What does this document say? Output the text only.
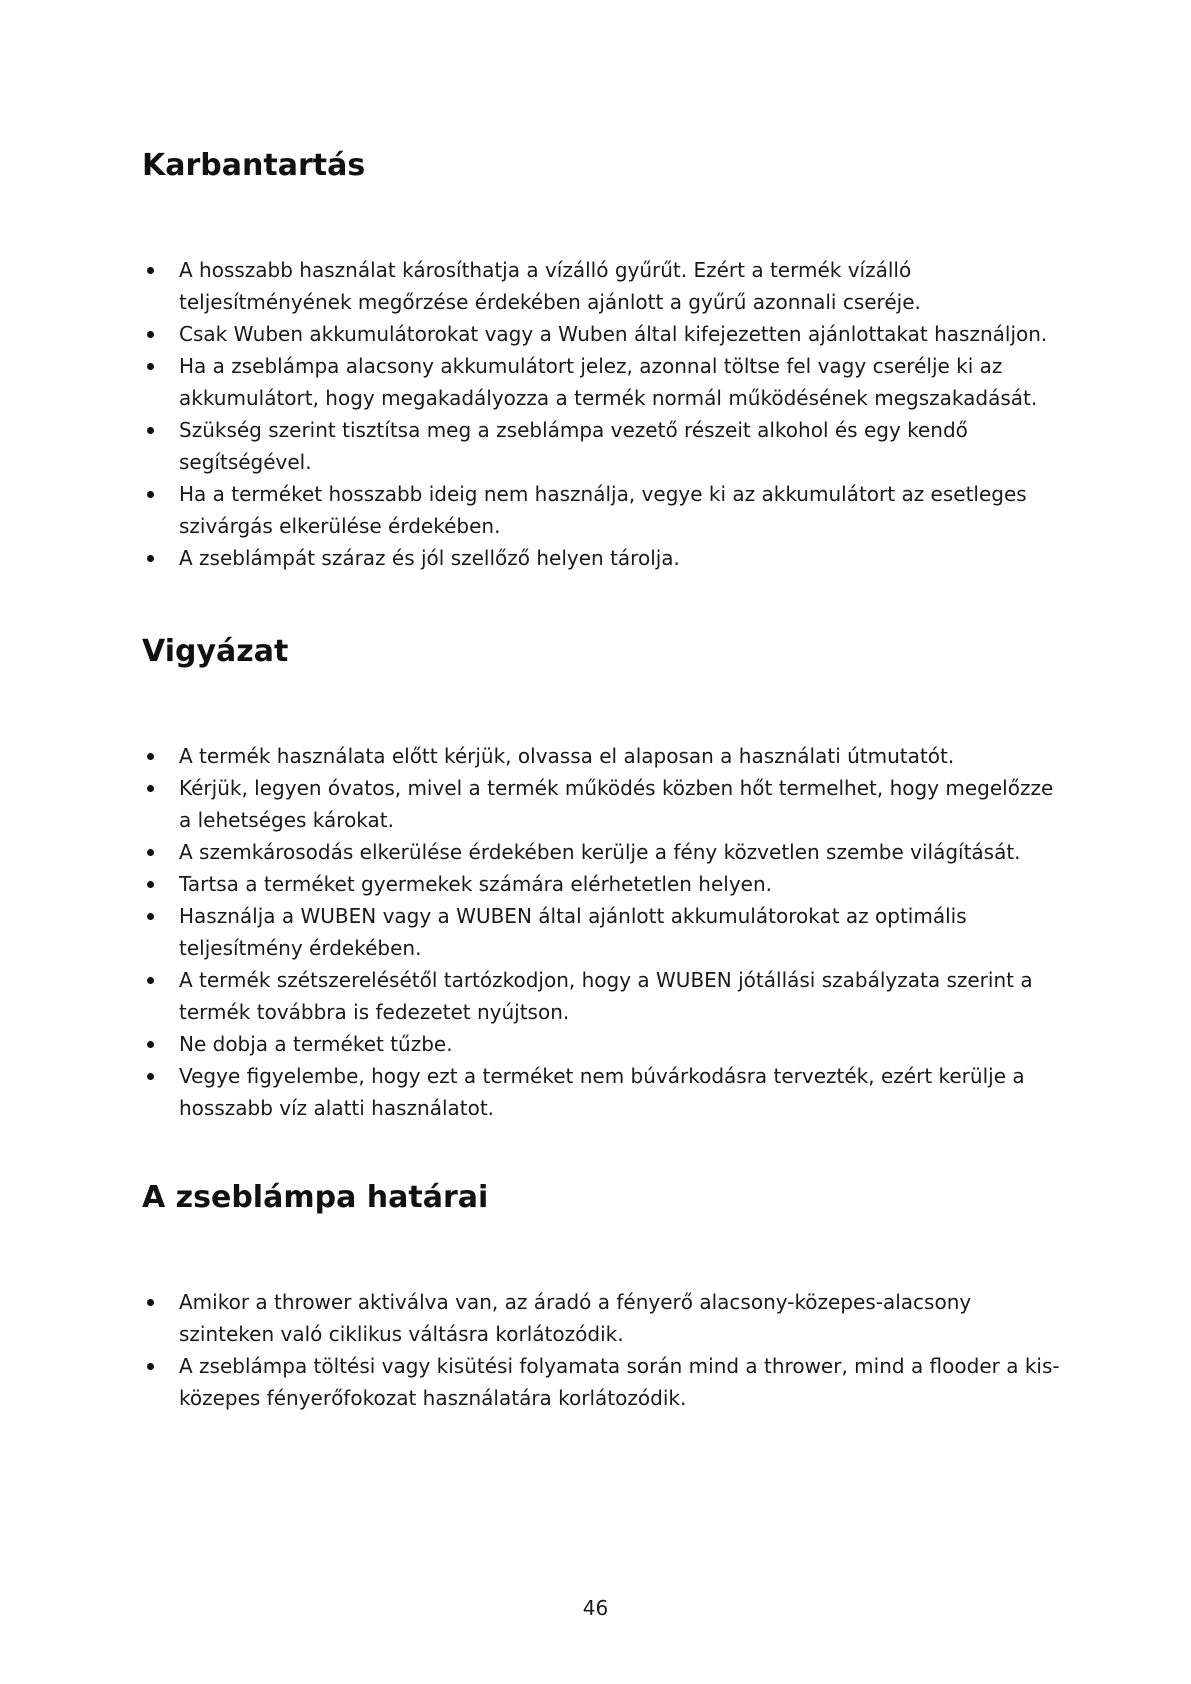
Karbantartás
A hosszabb használat károsíthatja a vízálló gyűrűt. Ezért a termék vízálló teljesítményének megőrzése érdekében ajánlott a gyűrű azonnali cseréje.
Csak Wuben akkumulátorokat vagy a Wuben által kifejezetten ajánlottakat használjon.
Ha a zseblámpa alacsony akkumulátort jelez, azonnal töltse fel vagy cserélje ki az akkumulátort, hogy megakadályozza a termék normál működésének megszakadását.
Szükség szerint tisztítsa meg a zseblámpa vezető részeit alkohol és egy kendő segítségével.
Ha a terméket hosszabb ideig nem használja, vegye ki az akkumulátort az esetleges szivárgás elkerülése érdekében.
A zseblámpát száraz és jól szellőző helyen tárolja.
Vigyázat
A termék használata előtt kérjük, olvassa el alaposan a használati útmutatót.
Kérjük, legyen óvatos, mivel a termék működés közben hőt termelhet, hogy megelőzze a lehetséges károkat.
A szemkárosodás elkerülése érdekében kerülje a fény közvetlen szembe világítását.
Tartsa a terméket gyermekek számára elérhetetlen helyen.
Használja a WUBEN vagy a WUBEN által ajánlott akkumulátorokat az optimális teljesítmény érdekében.
A termék szétszerelésétől tartózkodjon, hogy a WUBEN jótállási szabályzata szerint a termék továbbra is fedezetet nyújtson.
Ne dobja a terméket tűzbe.
Vegye figyelembe, hogy ezt a terméket nem búvárkodásra tervezték, ezért kerülje a hosszabb víz alatti használatot.
A zseblámpa határai
Amikor a thrower aktiválva van, az áradó a fényerő alacsony-közepes-alacsony szinteken való ciklikus váltásra korlátozódik.
A zseblámpa töltési vagy kisütési folyamata során mind a thrower, mind a flooder a kis-közepes fényerőfokozat használatára korlátozódik.
46
